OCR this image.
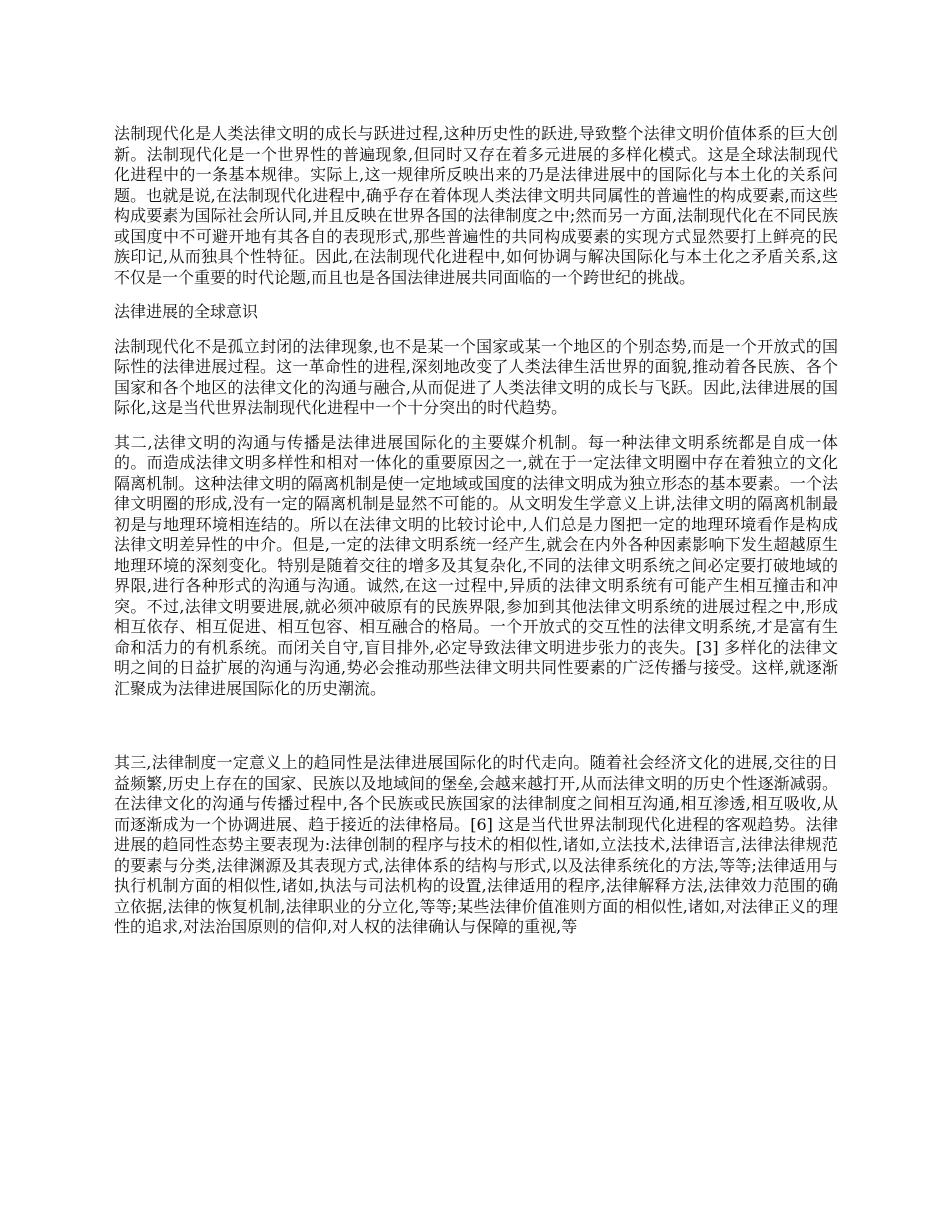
法制现代化是人类法律文明的成长与跃进过程,这种历史性的跃进,导致整个法律文明价值体系的巨大创新。法制现代化是一个世界性的普遍现象,但同时又存在着多元进展的多样化模式。这是全球法制现代化进程中的一条基本规律。实际上,这一规律所反映出来的乃是法律进展中的国际化与本土化的关系问题。也就是说,在法制现代化进程中,确乎存在着体现人类法律文明共同属性的普遍性的构成要素,而这些构成要素为国际社会所认同,并且反映在世界各国的法律制度之中;然而另一方面,法制现代化在不同民族或国度中不可避开地有其各自的表现形式,那些普遍性的共同构成要素的实现方式显然要打上鲜亮的民族印记,从而独具个性特征。因此,在法制现代化进程中,如何协调与解决国际化与本土化之矛盾关系,这不仅是一个重要的时代论题,而且也是各国法律进展共同面临的一个跨世纪的挑战。

法律进展的全球意识

法制现代化不是孤立封闭的法律现象,也不是某一个国家或某一个地区的个别态势,而是一个开放式的国际性的法律进展过程。这一革命性的进程,深刻地改变了人类法律生活世界的面貌,推动着各民族、各个国家和各个地区的法律文化的沟通与融合,从而促进了人类法律文明的成长与飞跃。因此,法律进展的国际化,这是当代世界法制现代化进程中一个十分突出的时代趋势。

其二,法律文明的沟通与传播是法律进展国际化的主要媒介机制。每一种法律文明系统都是自成一体的。而造成法律文明多样性和相对一体化的重要原因之一,就在于一定法律文明圈中存在着独立的文化隔离机制。这种法律文明的隔离机制是使一定地域或国度的法律文明成为独立形态的基本要素。一个法律文明圈的形成,没有一定的隔离机制是显然不可能的。从文明发生学意义上讲,法律文明的隔离机制最初是与地理环境相连结的。所以在法律文明的比较讨论中,人们总是力图把一定的地理环境看作是构成法律文明差异性的中介。但是,一定的法律文明系统一经产生,就会在内外各种因素影响下发生超越原生地理环境的深刻变化。特别是随着交往的增多及其复杂化,不同的法律文明系统之间必定要打破地域的界限,进行各种形式的沟通与沟通。诚然,在这一过程中,异质的法律文明系统有可能产生相互撞击和冲突。不过,法律文明要进展,就必须冲破原有的民族界限,参加到其他法律文明系统的进展过程之中,形成相互依存、相互促进、相互包容、相互融合的格局。一个开放式的交互性的法律文明系统,才是富有生命和活力的有机系统。而闭关自守,盲目排外,必定导致法律文明进步张力的丧失。[3] 多样化的法律文明之间的日益扩展的沟通与沟通,势必会推动那些法律文明共同性要素的广泛传播与接受。这样,就逐渐汇聚成为法律进展国际化的历史潮流。

其三,法律制度一定意义上的趋同性是法律进展国际化的时代走向。随着社会经济文化的进展,交往的日益频繁,历史上存在的国家、民族以及地域间的堡垒,会越来越打开,从而法律文明的历史个性逐渐减弱。在法律文化的沟通与传播过程中,各个民族或民族国家的法律制度之间相互沟通,相互渗透,相互吸收,从而逐渐成为一个协调进展、趋于接近的法律格局。[6] 这是当代世界法制现代化进程的客观趋势。法律进展的趋同性态势主要表现为:法律创制的程序与技术的相似性,诸如,立法技术,法律语言,法律法律规范的要素与分类,法律渊源及其表现方式,法律体系的结构与形式,以及法律系统化的方法,等等;法律适用与执行机制方面的相似性,诸如,执法与司法机构的设置,法律适用的程序,法律解释方法,法律效力范围的确立依据,法律的恢复机制,法律职业的分立化,等等;某些法律价值准则方面的相似性,诸如,对法律正义的理性的追求,对法治国原则的信仰,对人权的法律确认与保障的重视,等
